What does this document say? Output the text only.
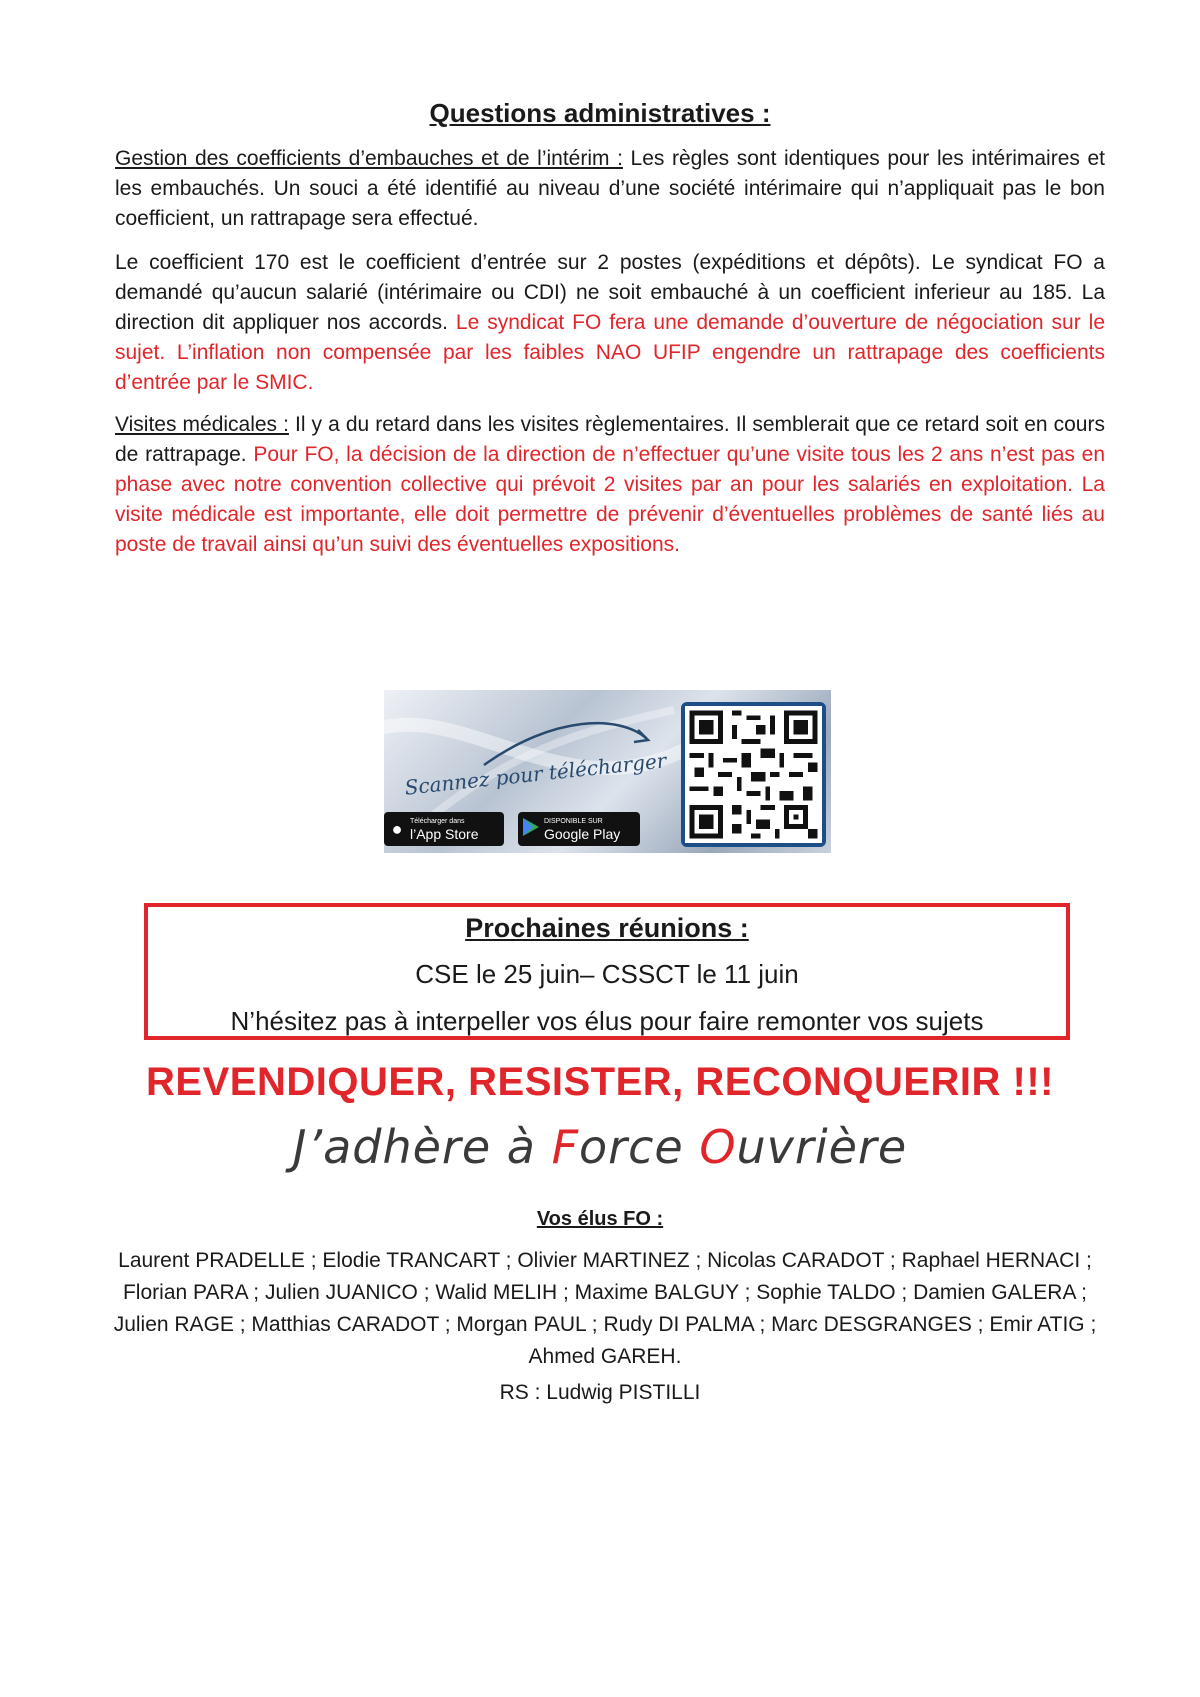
Questions administratives :
Gestion des coefficients d’embauches et de l’intérim : Les règles sont identiques pour les intérimaires et les embauchés. Un souci a été identifié au niveau d’une société intérimaire qui n’appliquait pas le bon coefficient, un rattrapage sera effectué.
Le coefficient 170 est le coefficient d’entrée sur 2 postes (expéditions et dépôts). Le syndicat FO a demandé qu’aucun salarié (intérimaire ou CDI) ne soit embauché à un coefficient inferieur au 185. La direction dit appliquer nos accords. Le syndicat FO fera une demande d’ouverture de négociation sur le sujet. L’inflation non compensée par les faibles NAO UFIP engendre un rattrapage des coefficients d’entrée par le SMIC.
Visites médicales : Il y a du retard dans les visites règlementaires. Il semblerait que ce retard soit en cours de rattrapage. Pour FO, la décision de la direction de n’effectuer qu’une visite tous les 2 ans n’est pas en phase avec notre convention collective qui prévoit 2 visites par an pour les salariés en exploitation. La visite médicale est importante, elle doit permettre de prévenir d’éventuelles problèmes de santé liés au poste de travail ainsi qu’un suivi des éventuelles expositions.
Scannez pour télécharger
●	Télécharger dans
l’App Store
DISPONIBLE SUR
Google Play
Prochaines réunions :
CSE le 25 juin– CSSCT le 11 juin
N’hésitez pas à interpeller vos élus pour faire remonter vos sujets
REVENDIQUER, RESISTER, RECONQUERIR !!!
J’adhère à Force Ouvrière
Vos élus FO :
Laurent PRADELLE ; Elodie TRANCART ; Olivier MARTINEZ ; Nicolas CARADOT ; Raphael HERNACI ; Florian PARA ; Julien JUANICO ; Walid MELIH ; Maxime BALGUY ; Sophie TALDO ; Damien GALERA ; Julien RAGE ; Matthias CARADOT ; Morgan PAUL ; Rudy DI PALMA ; Marc DESGRANGES ; Emir ATIG ; Ahmed GAREH.
RS : Ludwig PISTILLI
